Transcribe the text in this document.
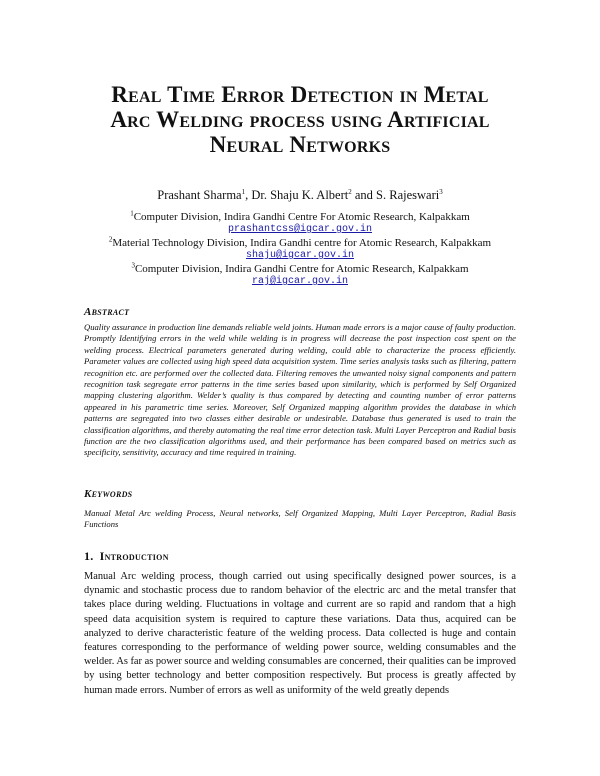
Real Time Error Detection in Metal
Arc Welding process using Artificial
Neural Networks
Prashant Sharma$^1$, Dr. Shaju K. Albert$^2$ and S. Rajeswari$^3$
$^1$Computer Division, Indira Gandhi Centre For Atomic Research, Kalpakkam
prashantcss@igcar.gov.in
$^2$Material Technology Division, Indira Gandhi centre for Atomic Research, Kalpakkam
shaju@igcar.gov.in
$^3$Computer Division, Indira Gandhi Centre for Atomic Research, Kalpakkam
raj@igcar.gov.in
Abstract
Quality assurance in production line demands reliable weld joints. Human made errors is a major cause of faulty production. Promptly Identifying errors in the weld while welding is in progress will decrease the post inspection cost spent on the welding process. Electrical parameters generated during welding, could able to characterize the process efficiently. Parameter values are collected using high speed data acquisition system. Time series analysis tasks such as filtering, pattern recognition etc. are performed over the collected data. Filtering removes the unwanted noisy signal components and pattern recognition task segregate error patterns in the time series based upon similarity, which is performed by Self Organized mapping clustering algorithm. Welder’s quality is thus compared by detecting and counting number of error patterns appeared in his parametric time series. Moreover, Self Organized mapping algorithm provides the database in which patterns are segregated into two classes either desirable or undesirable. Database thus generated is used to train the classification algorithms, and thereby automating the real time error detection task. Multi Layer Perceptron and Radial basis function are the two classification algorithms used, and their performance has been compared based on metrics such as specificity, sensitivity, accuracy and time required in training.
Keywords
Manual Metal Arc welding Process, Neural networks, Self Organized Mapping, Multi Layer Perceptron, Radial Basis Functions
1. Introduction
Manual Arc welding process, though carried out using specifically designed power sources, is a dynamic and stochastic process due to random behavior of the electric arc and the metal transfer that takes place during welding. Fluctuations in voltage and current are so rapid and random that a high speed data acquisition system is required to capture these variations. Data thus, acquired can be analyzed to derive characteristic feature of the welding process. Data collected is huge and contain features corresponding to the performance of welding power source, welding consumables and the welder. As far as power source and welding consumables are concerned, their qualities can be improved by using better technology and better composition respectively. But process is greatly affected by human made errors. Number of errors as well as uniformity of the weld greatly depends
